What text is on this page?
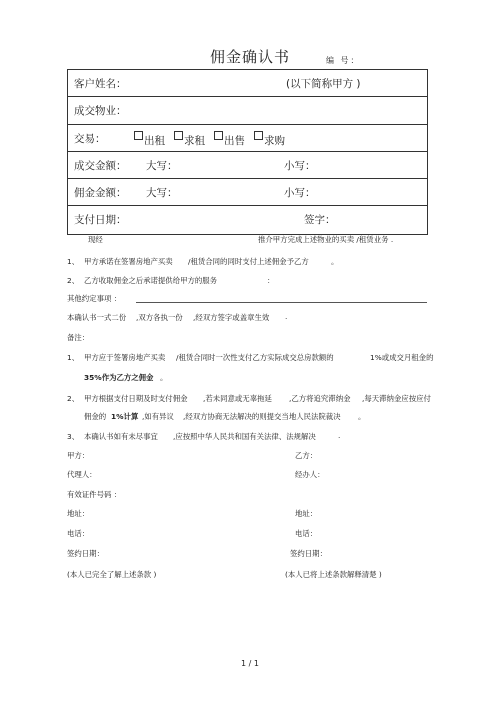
佣金确认书	编 号：
客户姓名：	(以下简称甲方 )
成交物业：
交易：	出租 求租 出售 求购
成交金额： 大写：	小写：
佣金金额： 大写：	小写：
支付日期：	签字：
现经	推介甲方完成上述物业的买卖 /租赁业务 .
1、 甲方承诺在签署房地产买卖 /租赁合同的同时支付上述佣金予乙方	。
2、 乙方收取佣金之后承诺提供给甲方的服务	：
其他约定事项 ：
本确认书一式二份 ,双方各执一份 ,经双方签字或盖章生效 .
备注：
1、 甲方应于签署房地产买卖 /租赁合同时一次性支付乙方实际成交总房款额的	1%或成交月租金的
35%作为乙方之佣金 。
2、 甲方根据支付日期及时支付佣金 ,若未同意或无辜拖延 ,乙方将追究滞纳金 ,每天滞纳金应按应付
佣金的 1%计算 ,如有异议 ,经双方协商无法解决的则提交当地人民法院裁决 。
3、 本确认书如有未尽事宜 ,应按照中华人民共和国有关法律、法规解决	.
甲方：	乙方：
代理人：	经办人：
有效证件号码 ：
地址：	地址：
电话：	电话：
签约日期：	签约日期：
(本人已完全了解上述条款 )	(本人已将上述条款解释清楚 )
1 / 1
